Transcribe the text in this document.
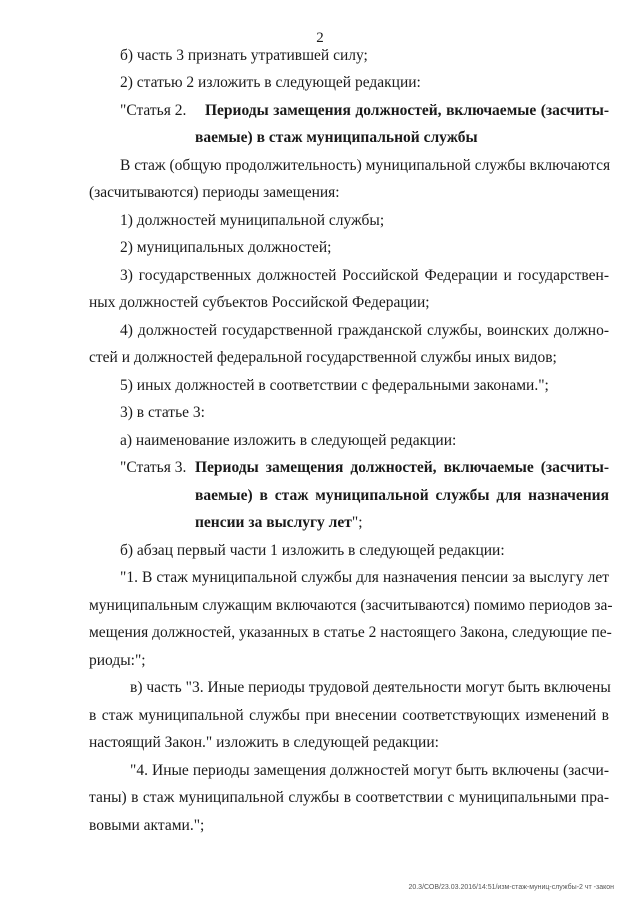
2
б) часть 3 признать утратившей силу;
2) статью 2 изложить в следующей редакции:
"Статья 2. Периоды замещения должностей, включаемые (засчиты-
ваемые) в стаж муниципальной службы
В стаж (общую продолжительность) муниципальной службы включаются
(засчитываются) периоды замещения:
1) должностей муниципальной службы;
2) муниципальных должностей;
3) государственных должностей Российской Федерации и государствен-
ных должностей субъектов Российской Федерации;
4) должностей государственной гражданской службы, воинских должно-
стей и должностей федеральной государственной службы иных видов;
5) иных должностей в соответствии с федеральными законами.";
3) в статье 3:
а) наименование изложить в следующей редакции:
"Статья 3. Периоды замещения должностей, включаемые (засчиты-
ваемые) в стаж муниципальной службы для назначения
пенсии за выслугу лет";
б) абзац первый части 1 изложить в следующей редакции:
"1. В стаж муниципальной службы для назначения пенсии за выслугу лет
муниципальным служащим включаются (засчитываются) помимо периодов за-
мещения должностей, указанных в статье 2 настоящего Закона, следующие пе-
риоды:";
в) часть "3. Иные периоды трудовой деятельности могут быть включены
в стаж муниципальной службы при внесении соответствующих изменений в
настоящий Закон." изложить в следующей редакции:
"4. Иные периоды замещения должностей могут быть включены (засчи-
таны) в стаж муниципальной службы в соответствии с муниципальными пра-
вовыми актами.";
20.3/СОВ/23.03.2016/14:51/изм-стаж-муниц-службы-2 чт -закон
